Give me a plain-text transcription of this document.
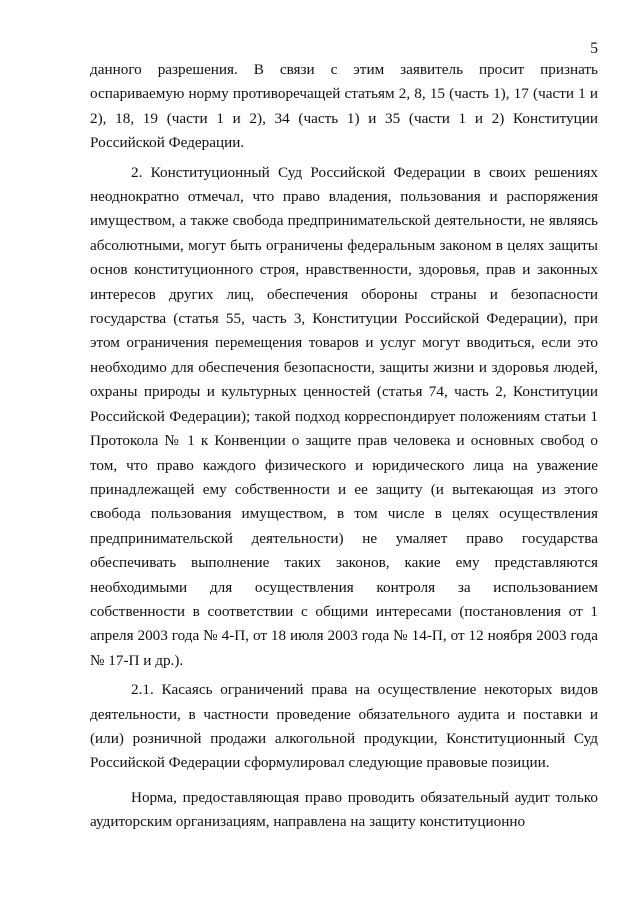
5

данного разрешения. В связи с этим заявитель просит признать оспариваемую норму противоречащей статьям 2, 8, 15 (часть 1), 17 (части 1 и 2), 18, 19 (части 1 и 2), 34 (часть 1) и 35 (части 1 и 2) Конституции Российской Федерации.

2. Конституционный Суд Российской Федерации в своих решениях неоднократно отмечал, что право владения, пользования и распоряжения имуществом, а также свобода предпринимательской деятельности, не являясь абсолютными, могут быть ограничены федеральным законом в целях защиты основ конституционного строя, нравственности, здоровья, прав и законных интересов других лиц, обеспечения обороны страны и безопасности государства (статья 55, часть 3, Конституции Российской Федерации), при этом ограничения перемещения товаров и услуг могут вводиться, если это необходимо для обеспечения безопасности, защиты жизни и здоровья людей, охраны природы и культурных ценностей (статья 74, часть 2, Конституции Российской Федерации); такой подход корреспондирует положениям статьи 1 Протокола № 1 к Конвенции о защите прав человека и основных свобод о том, что право каждого физического и юридического лица на уважение принадлежащей ему собственности и ее защиту (и вытекающая из этого свобода пользования имуществом, в том числе в целях осуществления предпринимательской деятельности) не умаляет право государства обеспечивать выполнение таких законов, какие ему представляются необходимыми для осуществления контроля за использованием собственности в соответствии с общими интересами (постановления от 1 апреля 2003 года № 4-П, от 18 июля 2003 года № 14-П, от 12 ноября 2003 года № 17-П и др.).

2.1. Касаясь ограничений права на осуществление некоторых видов деятельности, в частности проведение обязательного аудита и поставки и (или) розничной продажи алкогольной продукции, Конституционный Суд Российской Федерации сформулировал следующие правовые позиции.

Норма, предоставляющая право проводить обязательный аудит только аудиторским организациям, направлена на защиту конституционно
